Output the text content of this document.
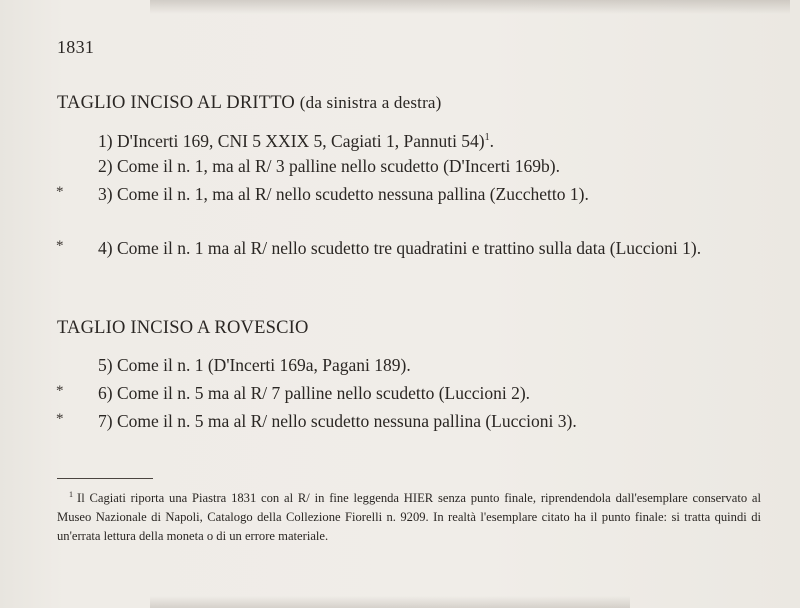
1831
TAGLIO INCISO AL DRITTO (da sinistra a destra)
1) D'Incerti 169, CNI 5 XXIX 5, Cagiati 1, Pannuti 54)$^1$.
2) Come il n. 1, ma al R/ 3 palline nello scudetto (D'Incerti 169b).
* 3) Come il n. 1, ma al R/ nello scudetto nessuna pallina (Zucchetto 1).
* 4) Come il n. 1 ma al R/ nello scudetto tre quadratini e trattino sulla data (Luccioni 1).
TAGLIO INCISO A ROVESCIO
5) Come il n. 1 (D'Incerti 169a, Pagani 189).
* 6) Come il n. 5 ma al R/ 7 palline nello scudetto (Luccioni 2).
* 7) Come il n. 5 ma al R/ nello scudetto nessuna pallina (Luccioni 3).
$^1$ Il Cagiati riporta una Piastra 1831 con al R/ in fine leggenda HIER senza punto finale, riprendendola dall'esemplare conservato al Museo Nazionale di Napoli, Catalogo della Collezione Fiorelli n. 9209. In realtà l'esemplare citato ha il punto finale: si tratta quindi di un'errata lettura della moneta o di un errore materiale.
